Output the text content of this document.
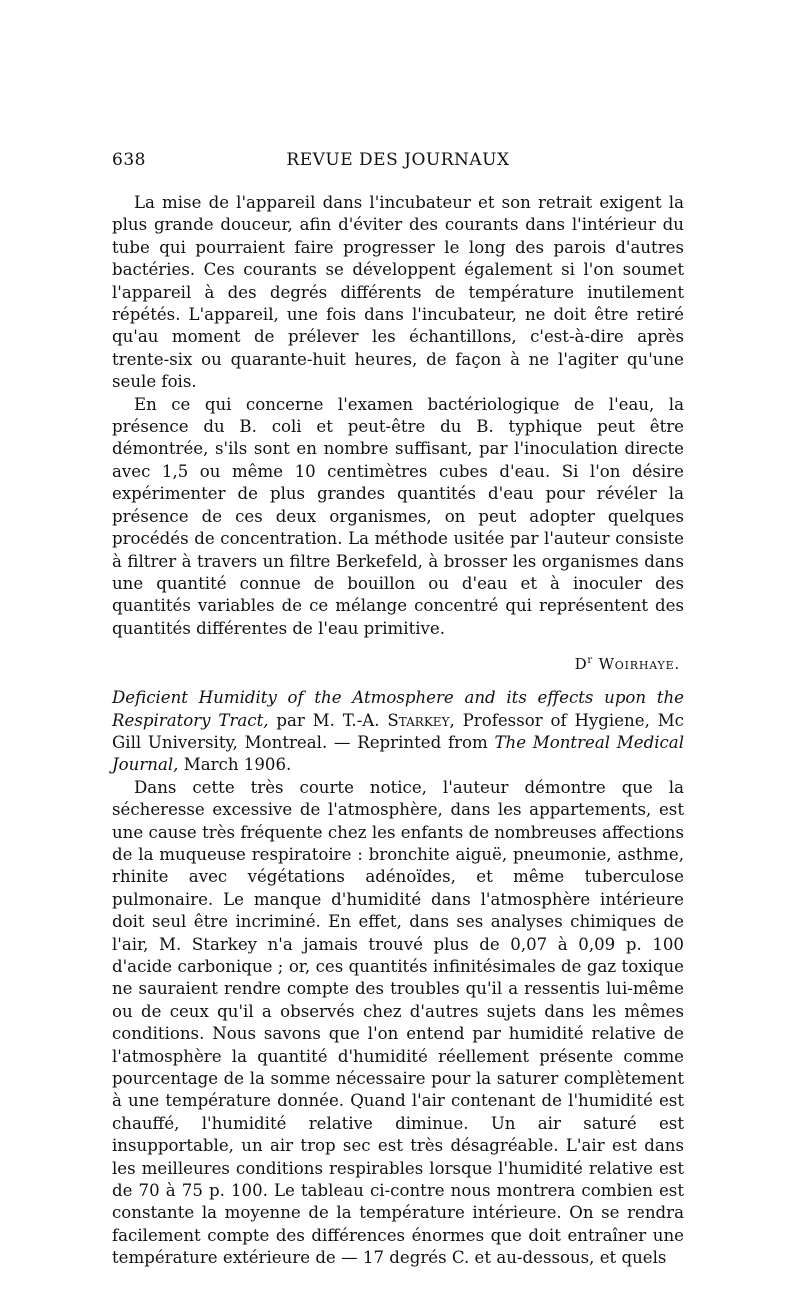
638	REVUE DES JOURNAUX

La mise de l'appareil dans l'incubateur et son retrait exigent la plus grande douceur, afin d'éviter des courants dans l'intérieur du tube qui pourraient faire progresser le long des parois d'autres bactéries. Ces courants se développent également si l'on soumet l'appareil à des degrés différents de température inutilement répétés. L'appareil, une fois dans l'incubateur, ne doit être retiré qu'au moment de prélever les échantillons, c'est-à-dire après trente-six ou quarante-huit heures, de façon à ne l'agiter qu'une seule fois.

En ce qui concerne l'examen bactériologique de l'eau, la présence du B. coli et peut-être du B. typhique peut être démontrée, s'ils sont en nombre suffisant, par l'inoculation directe avec 1,5 ou même 10 centimètres cubes d'eau. Si l'on désire expérimenter de plus grandes quantités d'eau pour révéler la présence de ces deux organismes, on peut adopter quelques procédés de concentration. La méthode usitée par l'auteur consiste à filtrer à travers un filtre Berkefeld, à brosser les organismes dans une quantité connue de bouillon ou d'eau et à inoculer des quantités variables de ce mélange concentré qui représentent des quantités différentes de l'eau primitive.

$D^r$ Woirhaye.

Deficient Humidity of the Atmosphere and its effects upon the Respiratory Tract, par M. T.-A. Starkey, Professor of Hygiene, Mc Gill University, Montreal. — Reprinted from The Montreal Medical Journal, March 1906.

Dans cette très courte notice, l'auteur démontre que la sécheresse excessive de l'atmosphère, dans les appartements, est une cause très fréquente chez les enfants de nombreuses affections de la muqueuse respiratoire : bronchite aiguë, pneumonie, asthme, rhinite avec végétations adénoïdes, et même tuberculose pulmonaire. Le manque d'humidité dans l'atmosphère intérieure doit seul être incriminé. En effet, dans ses analyses chimiques de l'air, M. Starkey n'a jamais trouvé plus de 0,07 à 0,09 p. 100 d'acide carbonique ; or, ces quantités infinitésimales de gaz toxique ne sauraient rendre compte des troubles qu'il a ressentis lui-même ou de ceux qu'il a observés chez d'autres sujets dans les mêmes conditions. Nous savons que l'on entend par humidité relative de l'atmosphère la quantité d'humidité réellement présente comme pourcentage de la somme nécessaire pour la saturer complètement à une température donnée. Quand l'air contenant de l'humidité est chauffé, l'humidité relative diminue. Un air saturé est insupportable, un air trop sec est très désagréable. L'air est dans les meilleures conditions respirables lorsque l'humidité relative est de 70 à 75 p. 100. Le tableau ci-contre nous montrera combien est constante la moyenne de la température intérieure. On se rendra facilement compte des différences énormes que doit entraîner une température extérieure de — 17 degrés C. et au-dessous, et quels
